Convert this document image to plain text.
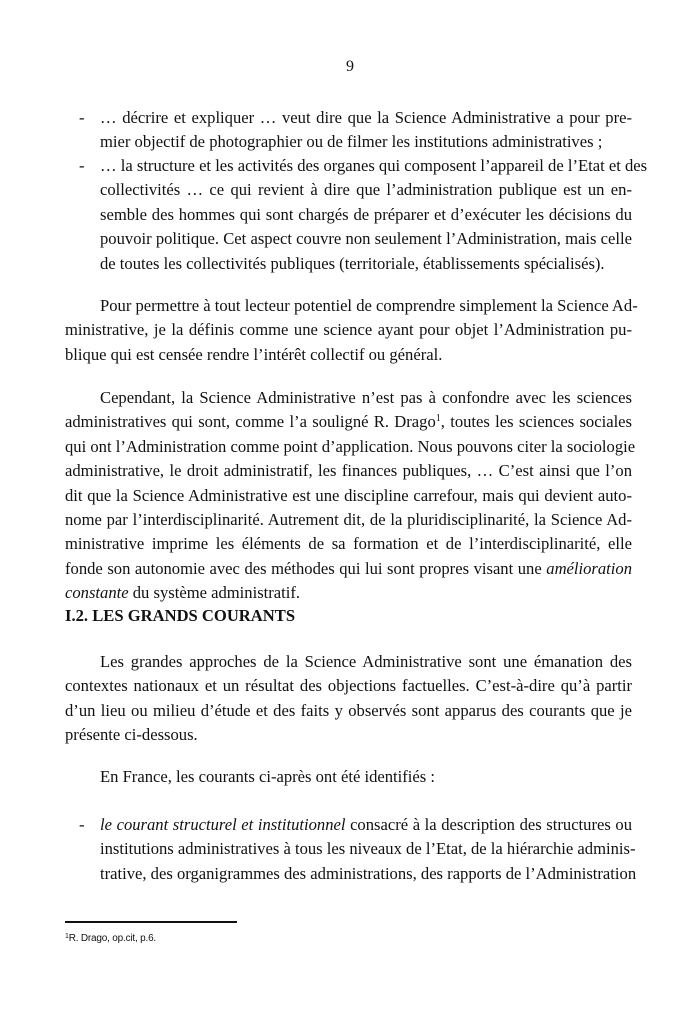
9
- … décrire et expliquer … veut dire que la Science Administrative a pour pre-
mier objectif de photographier ou de filmer les institutions administratives ;
- … la structure et les activités des organes qui composent l’appareil de l’Etat et des
collectivités … ce qui revient à dire que l’administration publique est un en-
semble des hommes qui sont chargés de préparer et d’exécuter les décisions du
pouvoir politique. Cet aspect couvre non seulement l’Administration, mais celle
de toutes les collectivités publiques (territoriale, établissements spécialisés).
Pour permettre à tout lecteur potentiel de comprendre simplement la Science Ad-
ministrative, je la définis comme une science ayant pour objet l’Administration pu-
blique qui est censée rendre l’intérêt collectif ou général.
Cependant, la Science Administrative n’est pas à confondre avec les sciences
administratives qui sont, comme l’a souligné R. Drago$^1$, toutes les sciences sociales
qui ont l’Administration comme point d’application. Nous pouvons citer la sociologie
administrative, le droit administratif, les finances publiques, … C’est ainsi que l’on
dit que la Science Administrative est une discipline carrefour, mais qui devient auto-
nome par l’interdisciplinarité. Autrement dit, de la pluridisciplinarité, la Science Ad-
ministrative imprime les éléments de sa formation et de l’interdisciplinarité, elle
fonde son autonomie avec des méthodes qui lui sont propres visant une amélioration
constante du système administratif.
I.2. LES GRANDS COURANTS
Les grandes approches de la Science Administrative sont une émanation des
contextes nationaux et un résultat des objections factuelles. C’est-à-dire qu’à partir
d’un lieu ou milieu d’étude et des faits y observés sont apparus des courants que je
présente ci-dessous.
En France, les courants ci-après ont été identifiés :
- le courant structurel et institutionnel consacré à la description des structures ou
institutions administratives à tous les niveaux de l’Etat, de la hiérarchie adminis-
trative, des organigrammes des administrations, des rapports de l’Administration
$^1$R. Drago, op.cit, p.6.
